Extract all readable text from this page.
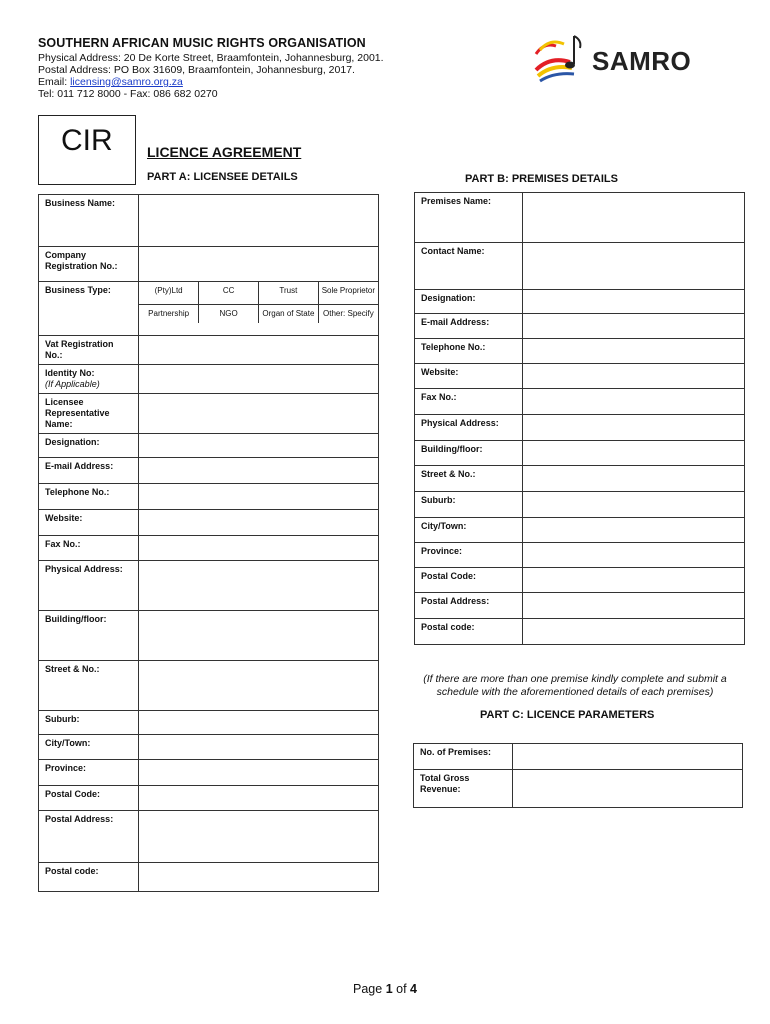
SOUTHERN AFRICAN MUSIC RIGHTS ORGANISATION
Physical Address: 20 De Korte Street, Braamfontein, Johannesburg, 2001.
Postal Address: PO Box 31609, Braamfontein, Johannesburg, 2017.
Email: licensing@samro.org.za
Tel: 011 712 8000 - Fax: 086 682 0270
SAMRO
CIR LICENCE AGREEMENT
PART A: LICENSEE DETAILS	PART B: PREMISES DETAILS
Business Name:	
Company Registration No.:	
Business Type:		(Pty)Ltd	CC	Trust	Sole Proprietor
Partnership	NGO	Organ of State	Other: Specify

Vat Registration No.:	
Identity No:
(If Applicable)	
Licensee Representative Name:	
Designation:	
E-mail Address:	
Telephone No.:	
Website:	
Fax No.:	
Physical Address:	
Building/floor:	
Street & No.:	
Suburb:	
City/Town:	
Province:	
Postal Code:	
Postal Address:	
Postal code:	
Premises Name:	
Contact Name:	
Designation:	
E-mail Address:	
Telephone No.:	
Website:	
Fax No.:	
Physical Address:	
Building/floor:	
Street & No.:	
Suburb:	
City/Town:	
Province:	
Postal Code:	
Postal Address:	
Postal code:	
(If there are more than one premise kindly complete and submit a schedule with the aforementioned details of each premises)
PART C: LICENCE PARAMETERS
No. of Premises:	
Total Gross Revenue:	
Page 1 of 4
